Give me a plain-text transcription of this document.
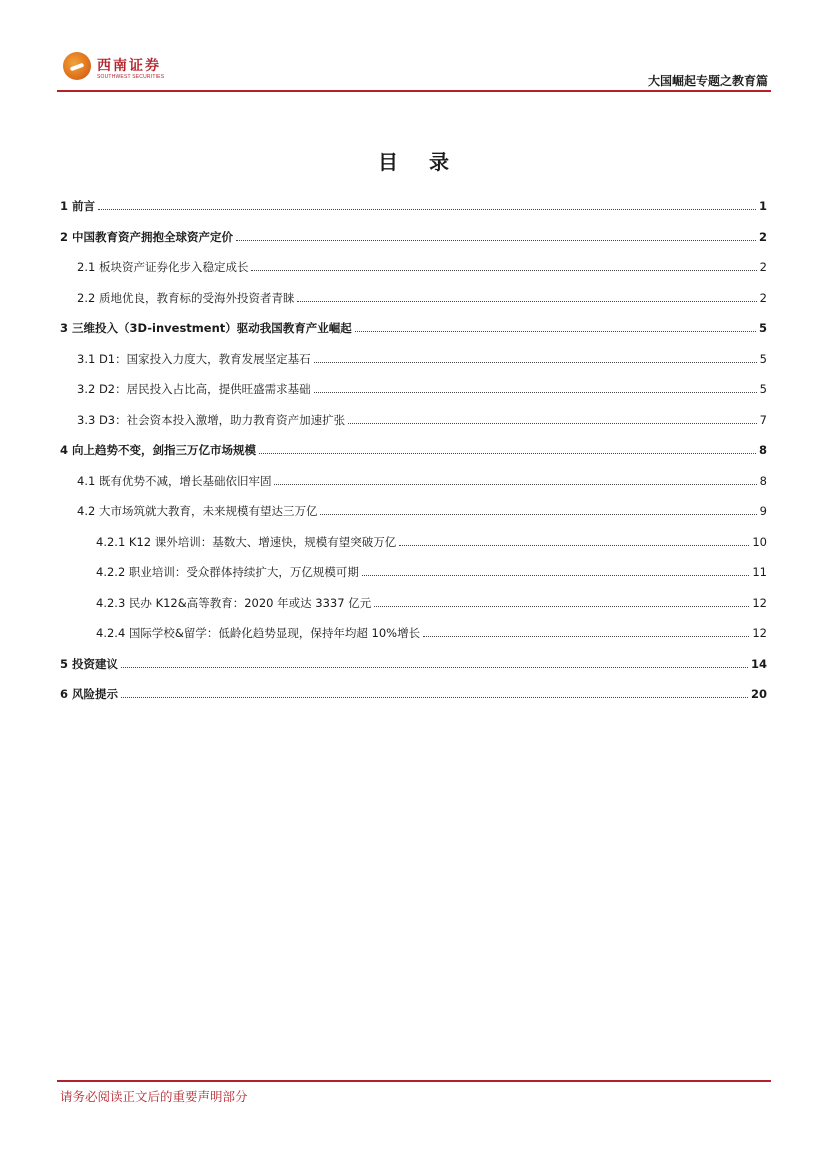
西南证券
SOUTHWEST SECURITIES	大国崛起专题之教育篇
目 录
1 前言	1
2 中国教育资产拥抱全球资产定价	2
2.1 板块资产证券化步入稳定成长	2
2.2 质地优良，教育标的受海外投资者青睐	2
3 三维投入（3D-investment）驱动我国教育产业崛起	5
3.1 D1：国家投入力度大，教育发展坚定基石	5
3.2 D2：居民投入占比高，提供旺盛需求基础	5
3.3 D3：社会资本投入激增，助力教育资产加速扩张	7
4 向上趋势不变，剑指三万亿市场规模	8
4.1 既有优势不减，增长基础依旧牢固	8
4.2 大市场筑就大教育，未来规模有望达三万亿	9
4.2.1 K12 课外培训：基数大、增速快，规模有望突破万亿	10
4.2.2 职业培训：受众群体持续扩大，万亿规模可期	11
4.2.3 民办 K12&高等教育：2020 年或达 3337 亿元	12
4.2.4 国际学校&留学：低龄化趋势显现，保持年均超 10%增长	12
5 投资建议	14
6 风险提示	20
请务必阅读正文后的重要声明部分
